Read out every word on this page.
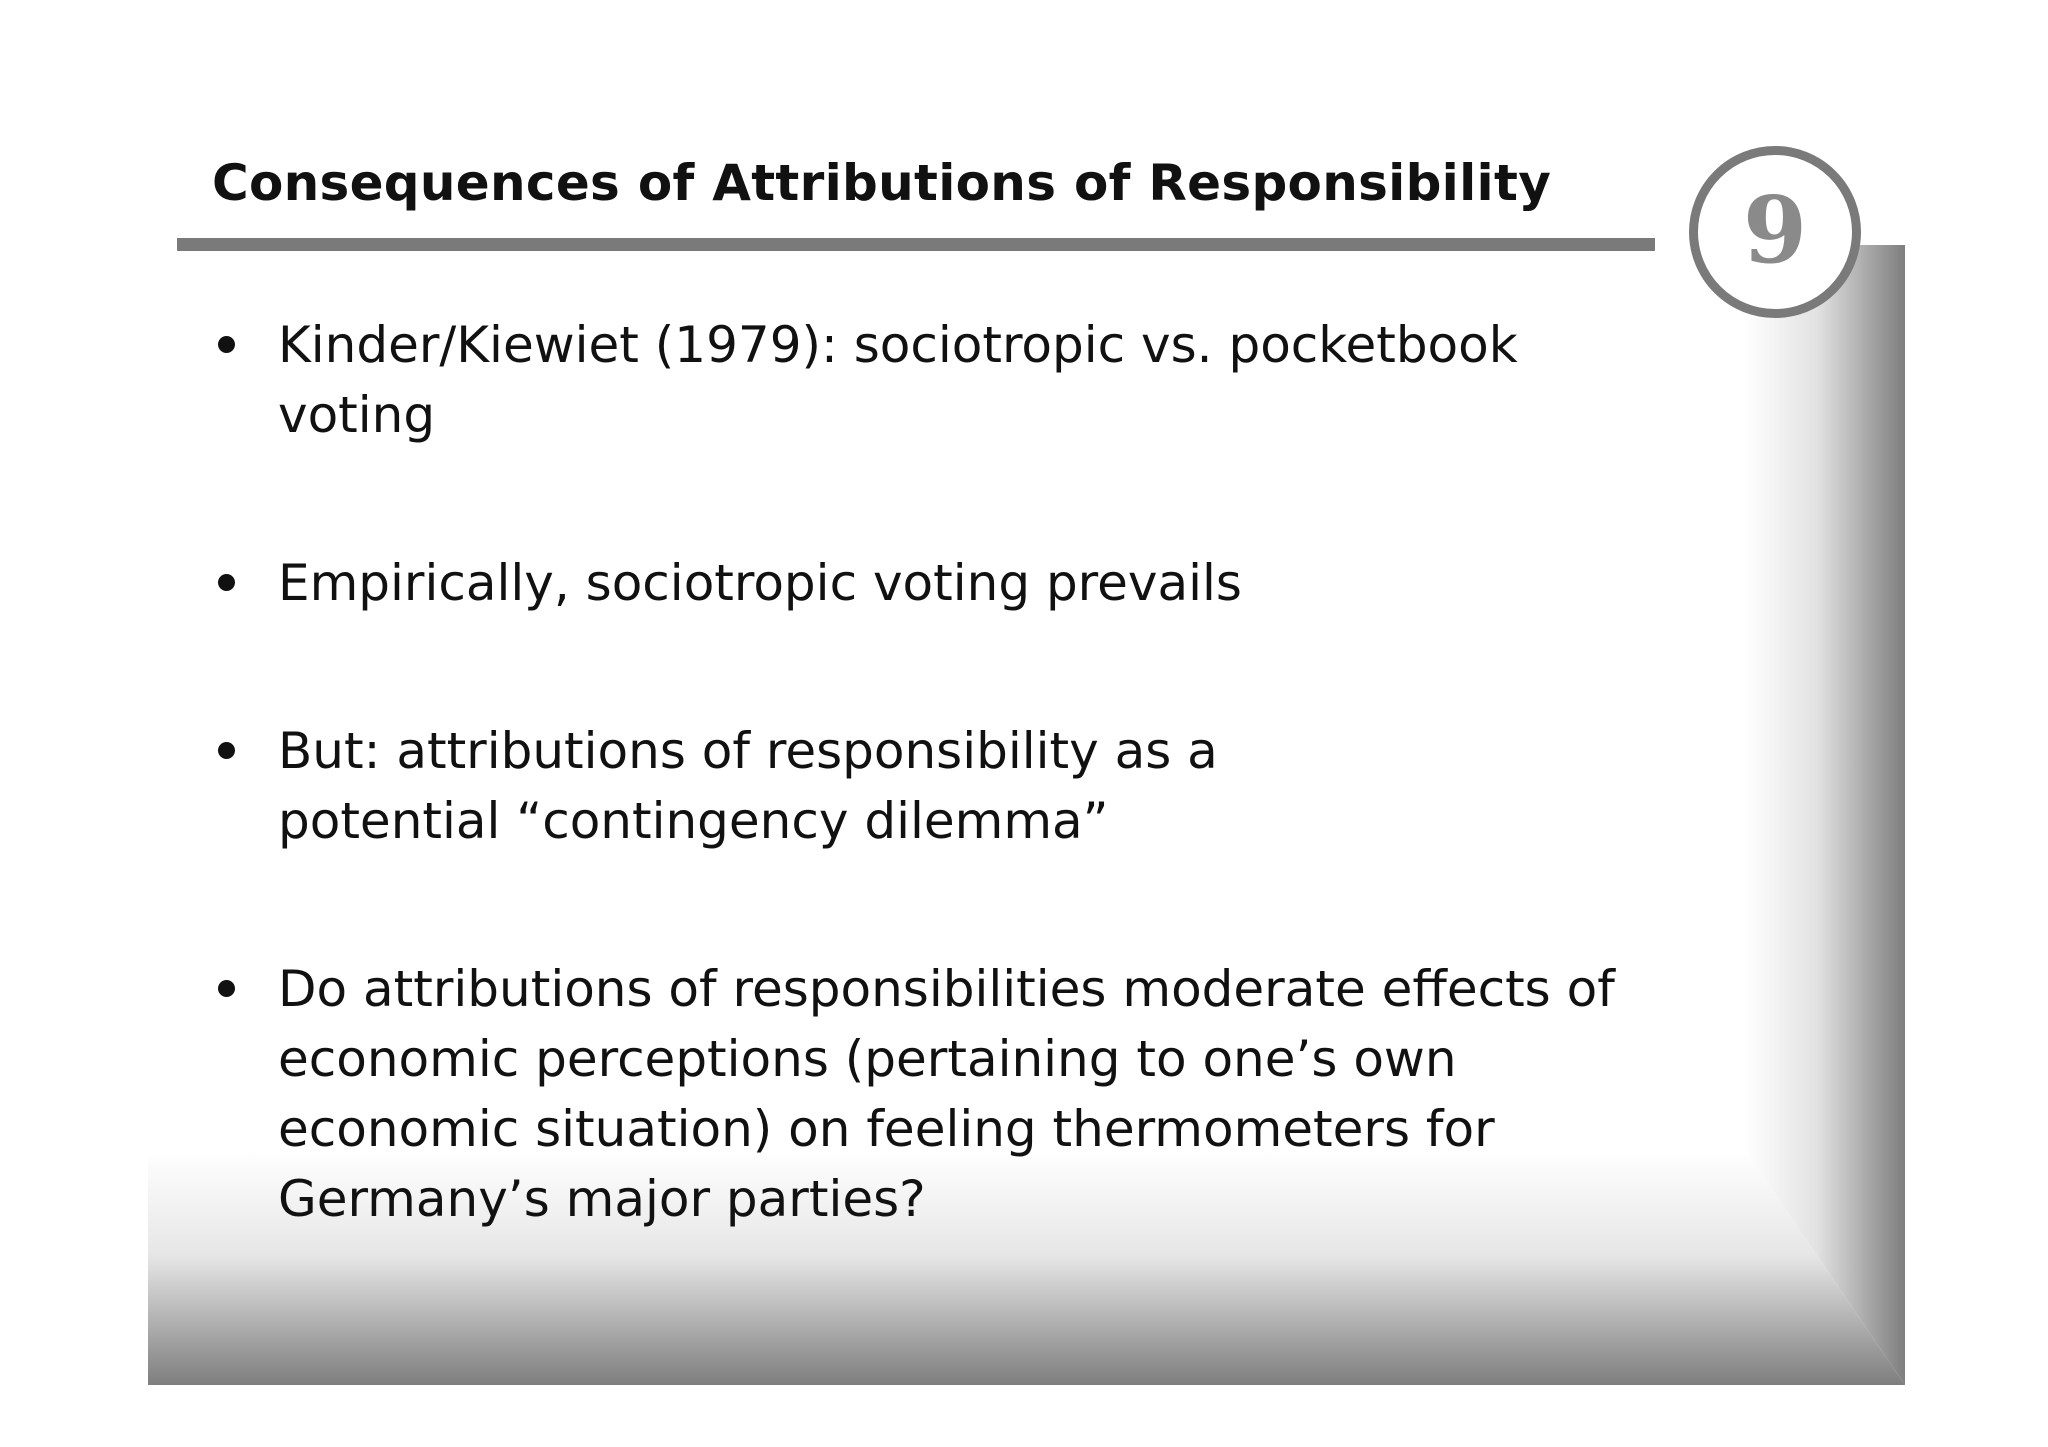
Consequences of Attributions of Responsibility 9
Kinder/Kiewiet (1979): sociotropic vs. pocketbook voting
Empirically, sociotropic voting prevails
But: attributions of responsibility as a potential “contingency dilemma”
Do attributions of responsibilities moderate effects of economic perceptions (pertaining to one’s own economic situation) on feeling thermometers for Germany’s major parties?
